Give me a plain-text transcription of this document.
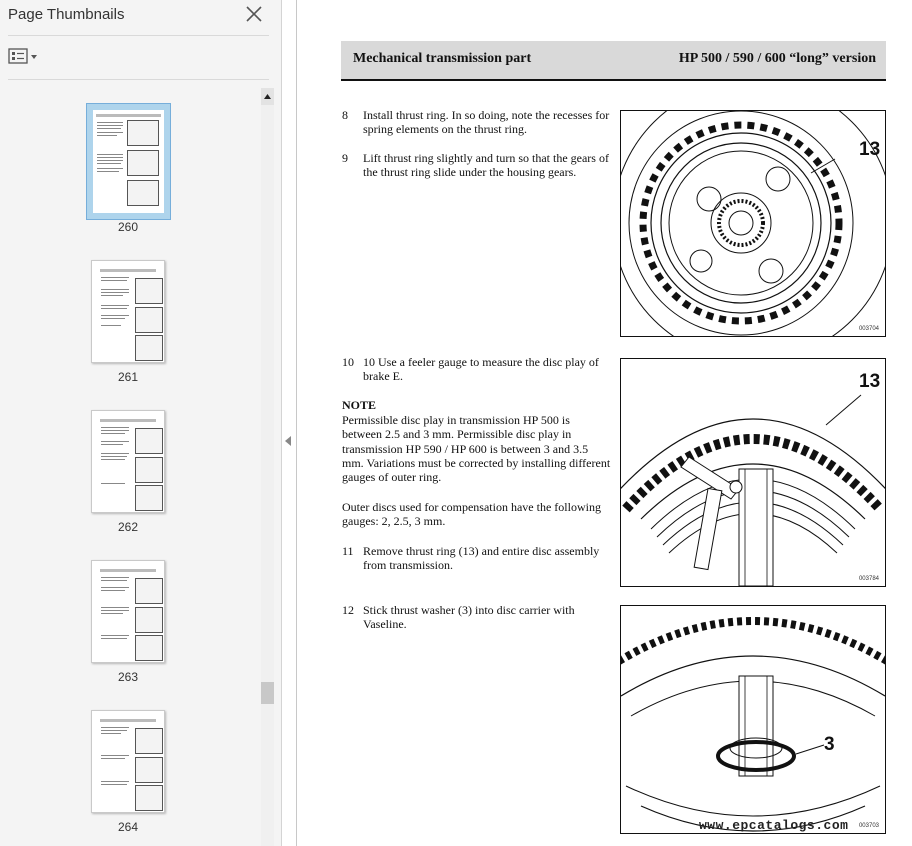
Page Thumbnails
260
261
262
263
264
Mechanical transmission part	HP 500 / 590 / 600 “long” version
8	Install thrust ring. In so doing, note the recesses for spring elements on the thrust ring.
9	Lift thrust ring slightly and turn so that the gears of the thrust ring slide under the housing gears.
10 10 Use a feeler gauge to measure the disc play of brake E.
NOTE
Permissible disc play in transmission HP 500 is between 2.5 and 3 mm. Permissible disc play in transmission HP 590 / HP 600 is between 3 and 3.5 mm. Variations must be corrected by installing different gauges of outer ring.
Outer discs used for compensation have the following gauges: 2, 2.5, 3 mm.
11 Remove thrust ring (13) and entire disc assembly from transmission.
12 Stick thrust washer (3) into disc carrier with Vaseline.
13
003704
13
003784
3
003703
www.epcatalogs.com
